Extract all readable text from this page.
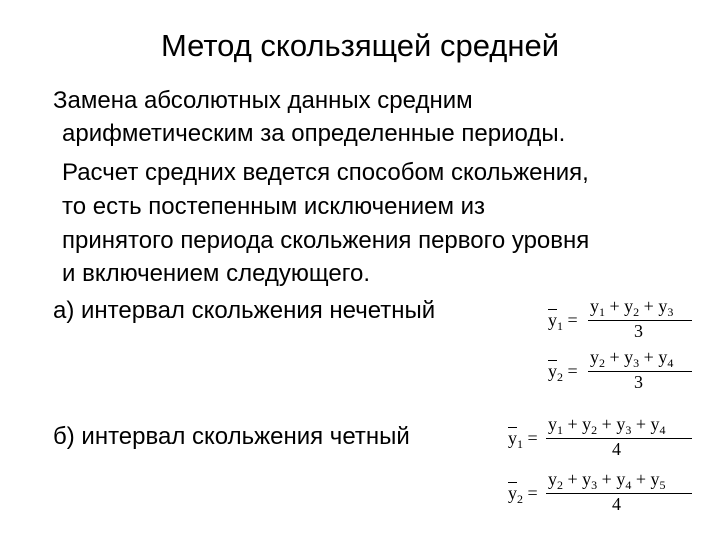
Метод скользящей средней
Замена абсолютных данных средним
арифметическим за определенные периоды.
Расчет средних ведется способом скольжения,
то есть постепенным исключением из
принятого периода скольжения первого уровня
и включением следующего.
а) интервал скольжения нечетный
б) интервал скольжения четный
$\overline{y}_1$ =
$y_1 + y_2 + y_3$
3
$\overline{y}_2$ =
$y_2 + y_3 + y_4$
3
$\overline{y}_1$ =
$y_1 + y_2 + y_3 + y_4$
4
$\overline{y}_2$ =
$y_2 + y_3 + y_4 + y_5$
4
